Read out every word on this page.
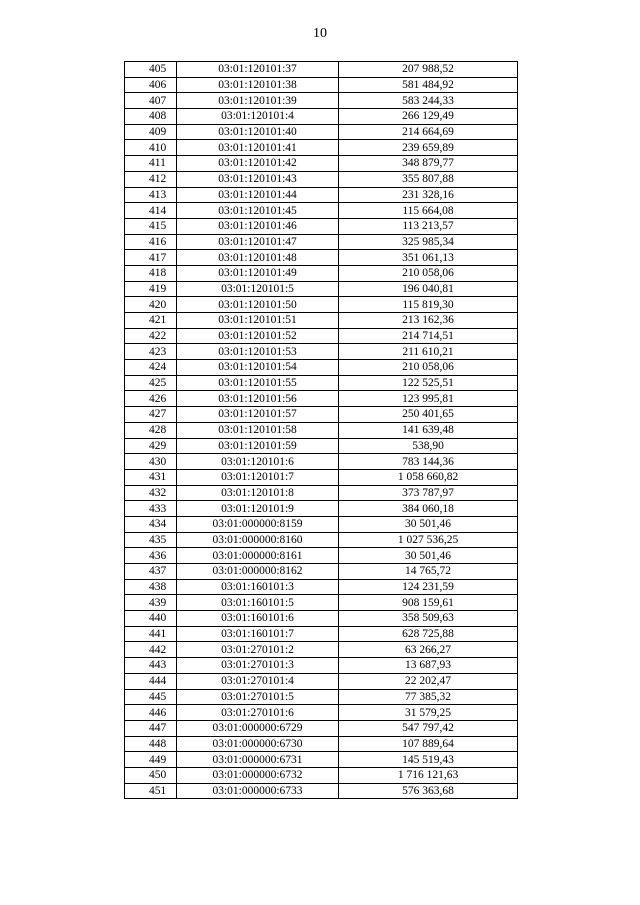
10
405	03:01:120101:37	207 988,52
406	03:01:120101:38	581 484,92
407	03:01:120101:39	583 244,33
408	03:01:120101:4	266 129,49
409	03:01:120101:40	214 664,69
410	03:01:120101:41	239 659,89
411	03:01:120101:42	348 879,77
412	03:01:120101:43	355 807,88
413	03:01:120101:44	231 328,16
414	03:01:120101:45	115 664,08
415	03:01:120101:46	113 213,57
416	03:01:120101:47	325 985,34
417	03:01:120101:48	351 061,13
418	03:01:120101:49	210 058,06
419	03:01:120101:5	196 040,81
420	03:01:120101:50	115 819,30
421	03:01:120101:51	213 162,36
422	03:01:120101:52	214 714,51
423	03:01:120101:53	211 610,21
424	03:01:120101:54	210 058,06
425	03:01:120101:55	122 525,51
426	03:01:120101:56	123 995,81
427	03:01:120101:57	250 401,65
428	03:01:120101:58	141 639,48
429	03:01:120101:59	538,90
430	03:01:120101:6	783 144,36
431	03:01:120101:7	1 058 660,82
432	03:01:120101:8	373 787,97
433	03:01:120101:9	384 060,18
434	03:01:000000:8159	30 501,46
435	03:01:000000:8160	1 027 536,25
436	03:01:000000:8161	30 501,46
437	03:01:000000:8162	14 765,72
438	03:01:160101:3	124 231,59
439	03:01:160101:5	908 159,61
440	03:01:160101:6	358 509,63
441	03:01:160101:7	628 725,88
442	03:01:270101:2	63 266,27
443	03:01:270101:3	13 687,93
444	03:01:270101:4	22 202,47
445	03:01:270101:5	77 385,32
446	03:01:270101:6	31 579,25
447	03:01:000000:6729	547 797,42
448	03:01:000000:6730	107 889,64
449	03:01:000000:6731	145 519,43
450	03:01:000000:6732	1 716 121,63
451	03:01:000000:6733	576 363,68
